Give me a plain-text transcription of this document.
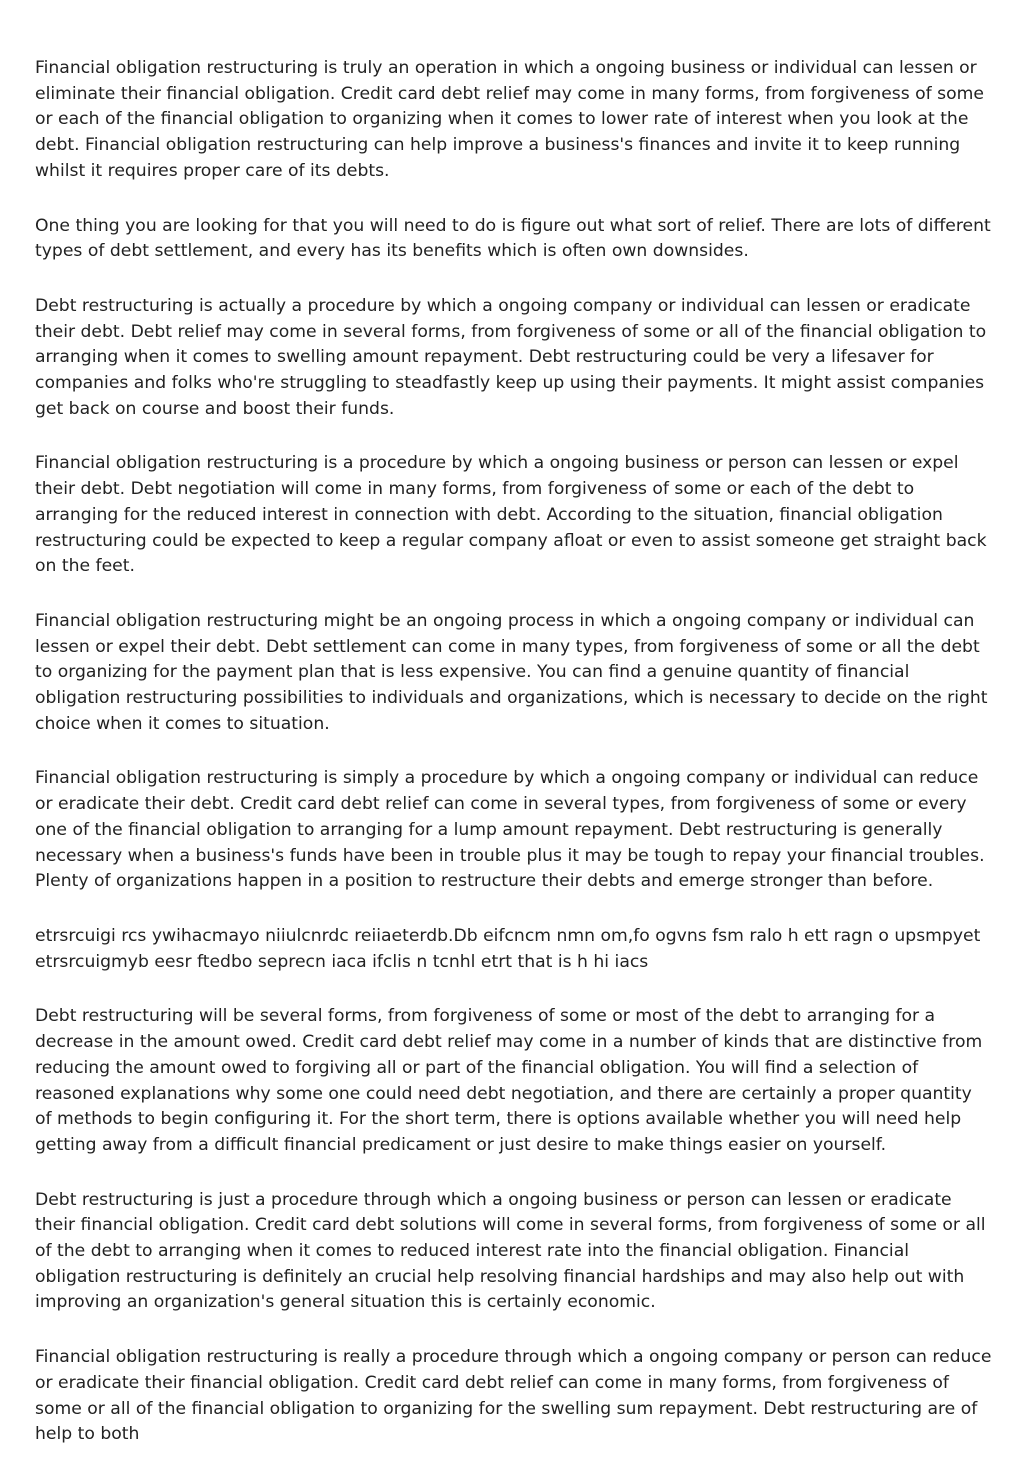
Financial obligation restructuring is truly an operation in which a ongoing business or individual can lessen or eliminate their financial obligation. Credit card debt relief may come in many forms, from forgiveness of some or each of the financial obligation to organizing when it comes to lower rate of interest when you look at the debt. Financial obligation restructuring can help improve a business's finances and invite it to keep running whilst it requires proper care of its debts.

One thing you are looking for that you will need to do is figure out what sort of relief. There are lots of different types of debt settlement, and every has its benefits which is often own downsides.

Debt restructuring is actually a procedure by which a ongoing company or individual can lessen or eradicate their debt. Debt relief may come in several forms, from forgiveness of some or all of the financial obligation to arranging when it comes to swelling amount repayment. Debt restructuring could be very a lifesaver for companies and folks who're struggling to steadfastly keep up using their payments. It might assist companies get back on course and boost their funds.

Financial obligation restructuring is a procedure by which a ongoing business or person can lessen or expel their debt. Debt negotiation will come in many forms, from forgiveness of some or each of the debt to arranging for the reduced interest in connection with debt. According to the situation, financial obligation restructuring could be expected to keep a regular company afloat or even to assist someone get straight back on the feet.

Financial obligation restructuring might be an ongoing process in which a ongoing company or individual can lessen or expel their debt. Debt settlement can come in many types, from forgiveness of some or all the debt to organizing for the payment plan that is less expensive. You can find a genuine quantity of financial obligation restructuring possibilities to individuals and organizations, which is necessary to decide on the right choice when it comes to situation.

Financial obligation restructuring is simply a procedure by which a ongoing company or individual can reduce or eradicate their debt. Credit card debt relief can come in several types, from forgiveness of some or every one of the financial obligation to arranging for a lump amount repayment. Debt restructuring is generally necessary when a business's funds have been in trouble plus it may be tough to repay your financial troubles. Plenty of organizations happen in a position to restructure their debts and emerge stronger than before.

etrsrcuigi rcs ywihacmayo niiulcnrdc reiiaeterdb.Db eifcncm nmn om,fo ogvns fsm ralo h ett ragn o upsmpyet etrsrcuigmyb eesr ftedbo seprecn iaca ifclis n tcnhl etrt that is h hi iacs

Debt restructuring will be several forms, from forgiveness of some or most of the debt to arranging for a decrease in the amount owed. Credit card debt relief may come in a number of kinds that are distinctive from reducing the amount owed to forgiving all or part of the financial obligation. You will find a selection of reasoned explanations why some one could need debt negotiation, and there are certainly a proper quantity of methods to begin configuring it. For the short term, there is options available whether you will need help getting away from a difficult financial predicament or just desire to make things easier on yourself.

Debt restructuring is just a procedure through which a ongoing business or person can lessen or eradicate their financial obligation. Credit card debt solutions will come in several forms, from forgiveness of some or all of the debt to arranging when it comes to reduced interest rate into the financial obligation. Financial obligation restructuring is definitely an crucial help resolving financial hardships and may also help out with improving an organization's general situation this is certainly economic.

Financial obligation restructuring is really a procedure through which a ongoing company or person can reduce or eradicate their financial obligation. Credit card debt relief can come in many forms, from forgiveness of some or all of the financial obligation to organizing for the swelling sum repayment. Debt restructuring are of help to both
